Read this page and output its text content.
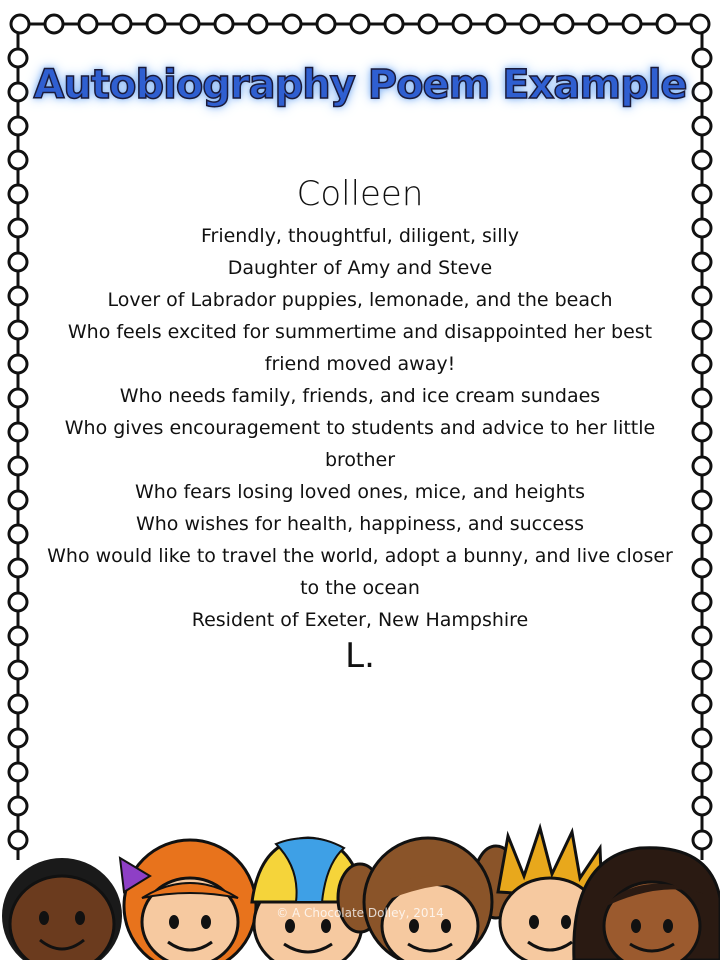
Autobiography Poem Example
Colleen
Friendly, thoughtful, diligent, silly
Daughter of Amy and Steve
Lover of Labrador puppies, lemonade, and the beach
Who feels excited for summertime and disappointed her best friend moved away!
Who needs family, friends, and ice cream sundaes
Who gives encouragement to students and advice to her little brother
Who fears losing loved ones, mice, and heights
Who wishes for health, happiness, and success
Who would like to travel the world, adopt a bunny, and live closer to the ocean
Resident of Exeter, New Hampshire
L.
© A Chocolate Dolley, 2014
